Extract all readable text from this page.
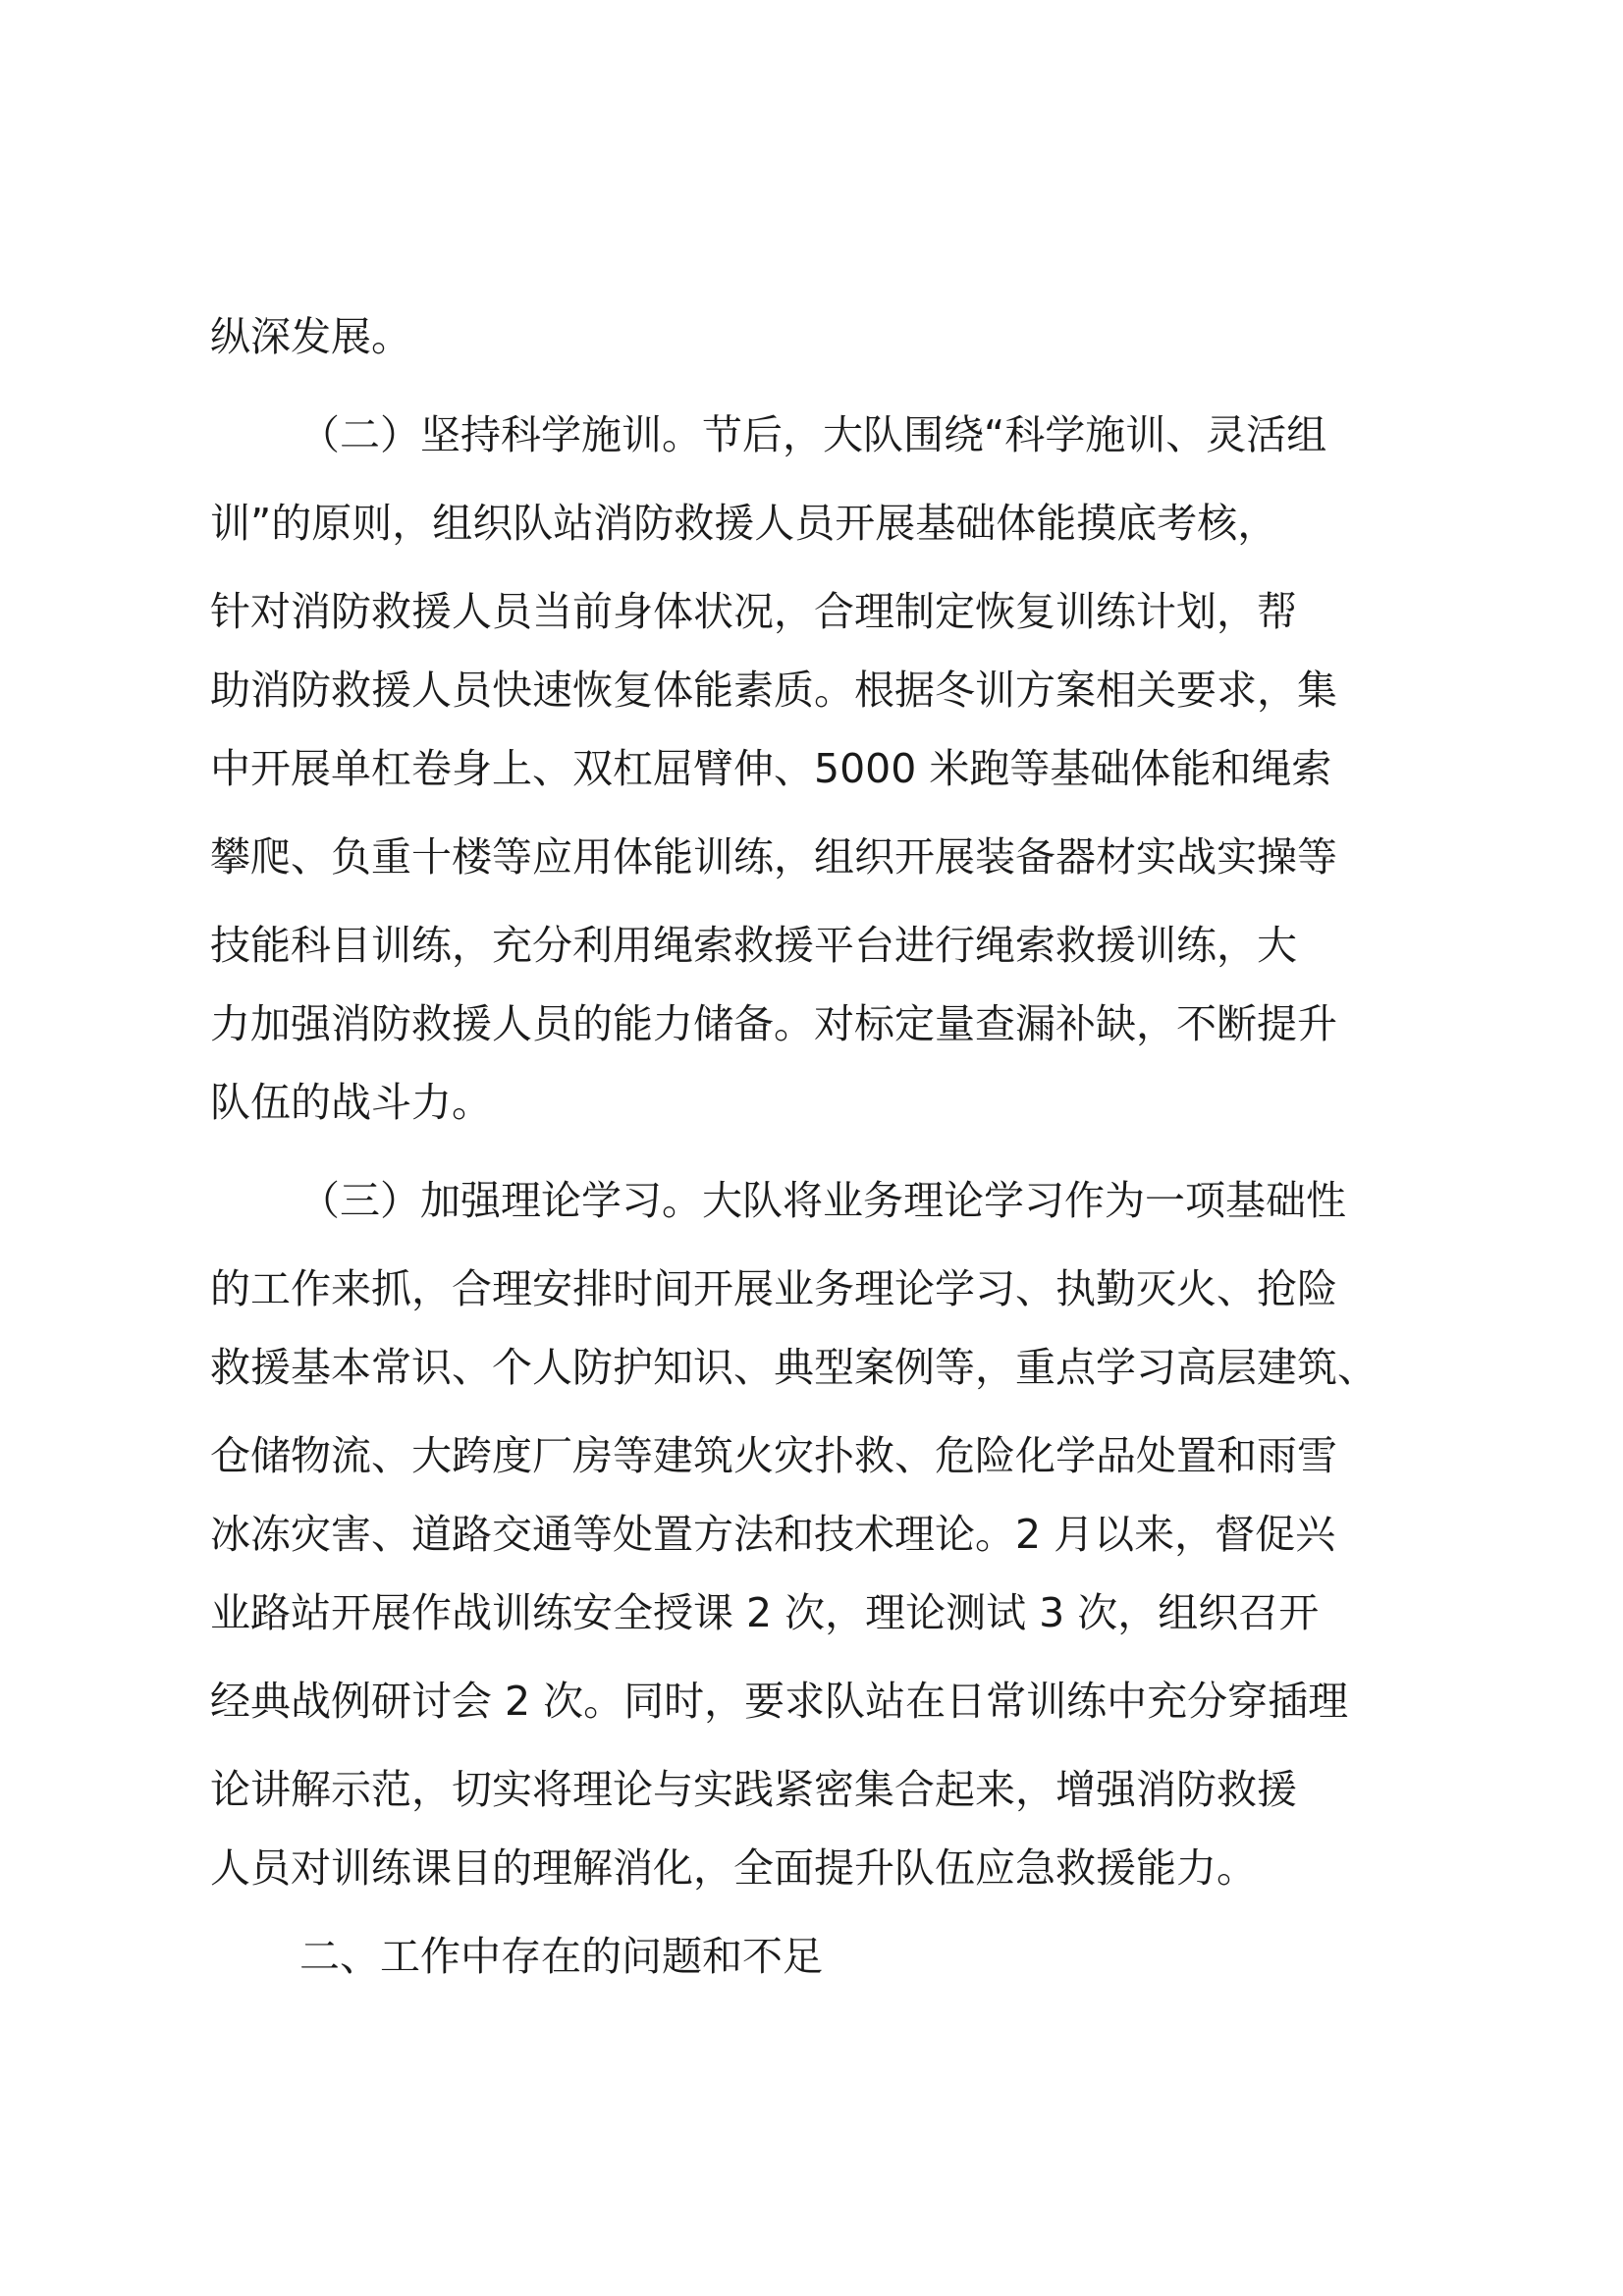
纵深发展。

（二）坚持科学施训。节后，大队围绕“科学施训、灵活组

训”的原则，组织队站消防救援人员开展基础体能摸底考核，

针对消防救援人员当前身体状况，合理制定恢复训练计划，帮

助消防救援人员快速恢复体能素质。根据冬训方案相关要求，集

中开展单杠卷身上、双杠屈臂伸、5000 米跑等基础体能和绳索

攀爬、负重十楼等应用体能训练，组织开展装备器材实战实操等

技能科目训练，充分利用绳索救援平台进行绳索救援训练，大

力加强消防救援人员的能力储备。对标定量查漏补缺，不断提升

队伍的战斗力。

（三）加强理论学习。大队将业务理论学习作为一项基础性

的工作来抓，合理安排时间开展业务理论学习、执勤灭火、抢险

救援基本常识、个人防护知识、典型案例等，重点学习高层建筑、

仓储物流、大跨度厂房等建筑火灾扑救、危险化学品处置和雨雪

冰冻灾害、道路交通等处置方法和技术理论。2 月以来，督促兴

业路站开展作战训练安全授课 2 次，理论测试 3 次，组织召开

经典战例研讨会 2 次。同时，要求队站在日常训练中充分穿插理

论讲解示范，切实将理论与实践紧密集合起来，增强消防救援

人员对训练课目的理解消化，全面提升队伍应急救援能力。

二、工作中存在的问题和不足
